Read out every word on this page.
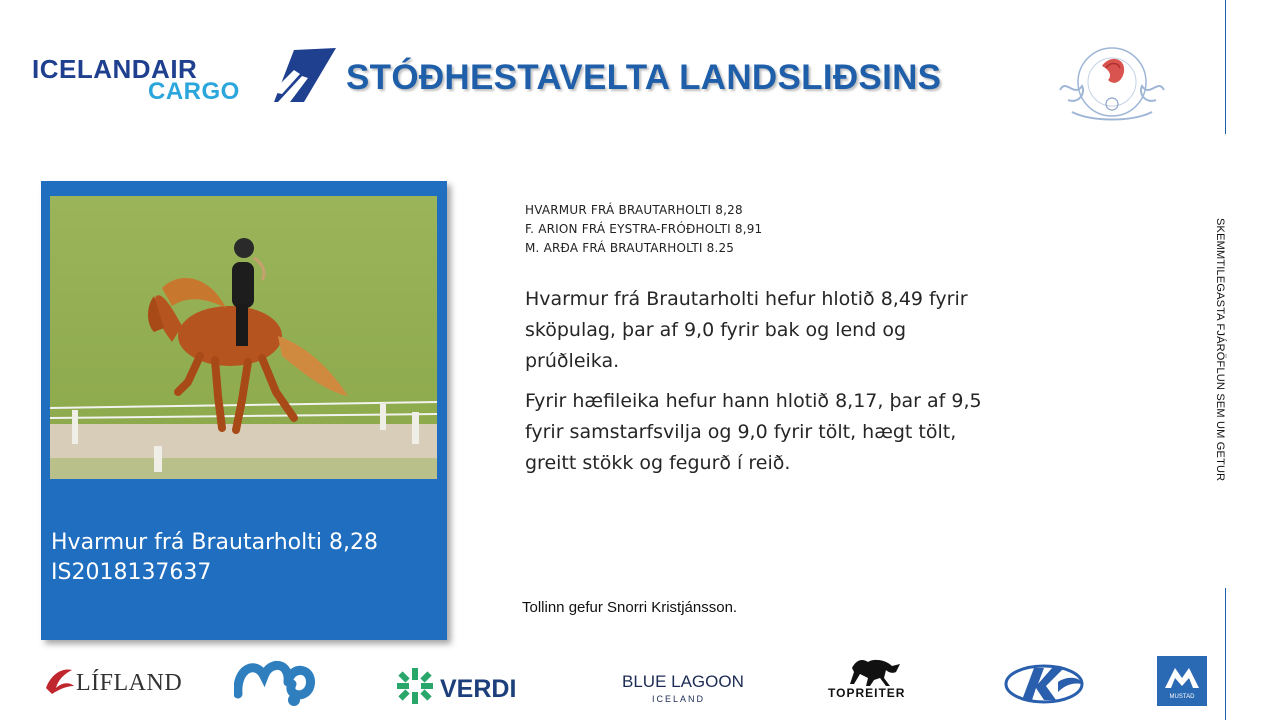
ICELANDAIR
CARGO	STÓÐHESTAVELTA LANDSLIÐSINS
SKEMMTILEGASTA FJÁRÖFLUN SEM UM GETUR
Hvarmur frá Brautarholti 8,28
IS2018137637
HVARMUR FRÁ BRAUTARHOLTI 8,28
F. ARION FRÁ EYSTRA-FRÓÐHOLTI 8,91
M. ARÐA FRÁ BRAUTARHOLTI 8.25
Hvarmur frá Brautarholti hefur hlotið 8,49 fyrir sköpulag, þar af 9,0 fyrir bak og lend og prúðleika.
Fyrir hæfileika hefur hann hlotið 8,17, þar af 9,5 fyrir samstarfsvilja og 9,0 fyrir tölt, hægt tölt, greitt stökk og fegurð í reið.
Tollinn gefur Snorri Kristjánsson.
LÍFLAND	VERDI	BLUE LAGOON
ICELAND	TOPREITER	MUSTAD
